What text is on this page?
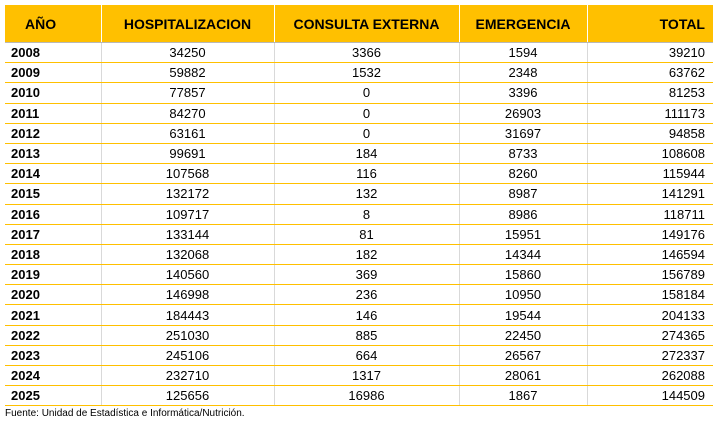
AÑO	HOSPITALIZACION	CONSULTA EXTERNA	EMERGENCIA	TOTAL
2008	34250	3366	1594	39210
2009	59882	1532	2348	63762
2010	77857	0	3396	81253
2011	84270	0	26903	111173
2012	63161	0	31697	94858
2013	99691	184	8733	108608
2014	107568	116	8260	115944
2015	132172	132	8987	141291
2016	109717	8	8986	118711
2017	133144	81	15951	149176
2018	132068	182	14344	146594
2019	140560	369	15860	156789
2020	146998	236	10950	158184
2021	184443	146	19544	204133
2022	251030	885	22450	274365
2023	245106	664	26567	272337
2024	232710	1317	28061	262088
2025	125656	16986	1867	144509
Fuente: Unidad de Estadística e Informática/Nutrición.
